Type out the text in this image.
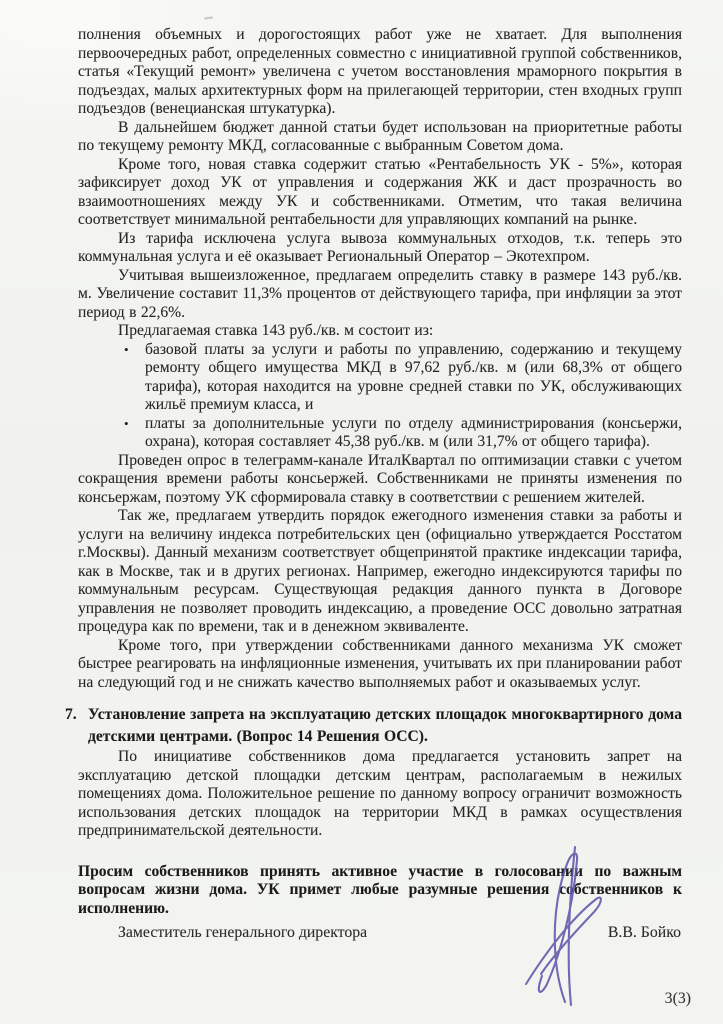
полнения объемных и дорогостоящих работ уже не хватает. Для выполнения первоочередных работ, определенных совместно с инициативной группой собственников, статья «Текущий ремонт» увеличена с учетом восстановления мраморного покрытия в подъездах, малых архитектурных форм на прилегающей территории, стен входных групп подъездов (венецианская штукатурка).

В дальнейшем бюджет данной статьи будет использован на приоритетные работы по текущему ремонту МКД, согласованные с выбранным Советом дома.

Кроме того, новая ставка содержит статью «Рентабельность УК - 5%», которая зафиксирует доход УК от управления и содержания ЖК и даст прозрачность во взаимоотношениях между УК и собственниками. Отметим, что такая величина соответствует минимальной рентабельности для управляющих компаний на рынке.

Из тарифа исключена услуга вывоза коммунальных отходов, т.к. теперь это коммунальная услуга и её оказывает Региональный Оператор – Экотехпром.

Учитывая вышеизложенное, предлагаем определить ставку в размере 143 руб./кв. м. Увеличение составит 11,3% процентов от действующего тарифа, при инфляции за этот период в 22,6%.

Предлагаемая ставка 143 руб./кв. м состоит из:

•	базовой платы за услуги и работы по управлению, содержанию и текущему ремонту общего имущества МКД в 97,62 руб./кв. м (или 68,3% от общего тарифа), которая находится на уровне средней ставки по УК, обслуживающих жильё премиум класса, и

•	платы за дополнительные услуги по отделу администрирования (консьержи, охрана), которая составляет 45,38 руб./кв. м (или 31,7% от общего тарифа).

Проведен опрос в телеграмм-канале ИталКвартал по оптимизации ставки с учетом сокращения времени работы консьержей. Собственниками не приняты изменения по консьержам, поэтому УК сформировала ставку в соответствии с решением жителей.

Так же, предлагаем утвердить порядок ежегодного изменения ставки за работы и услуги на величину индекса потребительских цен (официально утверждается Росстатом г.Москвы). Данный механизм соответствует общепринятой практике индексации тарифа, как в Москве, так и в других регионах. Например, ежегодно индексируются тарифы по коммунальным ресурсам. Существующая редакция данного пункта в Договоре управления не позволяет проводить индексацию, а проведение ОСС довольно затратная процедура как по времени, так и в денежном эквиваленте.

Кроме того, при утверждении собственниками данного механизма УК сможет быстрее реагировать на инфляционные изменения, учитывать их при планировании работ на следующий год и не снижать качество выполняемых работ и оказываемых услуг.

7. Установление запрета на эксплуатацию детских площадок многоквартирного дома детскими центрами. (Вопрос 14 Решения ОСС).

По инициативе собственников дома предлагается установить запрет на эксплуатацию детской площадки детским центрам, располагаемым в нежилых помещениях дома. Положительное решение по данному вопросу ограничит возможность использования детских площадок на территории МКД в рамках осуществления предпринимательской деятельности.

Просим собственников принять активное участие в голосовании по важным вопросам жизни дома. УК примет любые разумные решения собственников к исполнению.

Заместитель генерального директора	В.В. Бойко
3(3)
